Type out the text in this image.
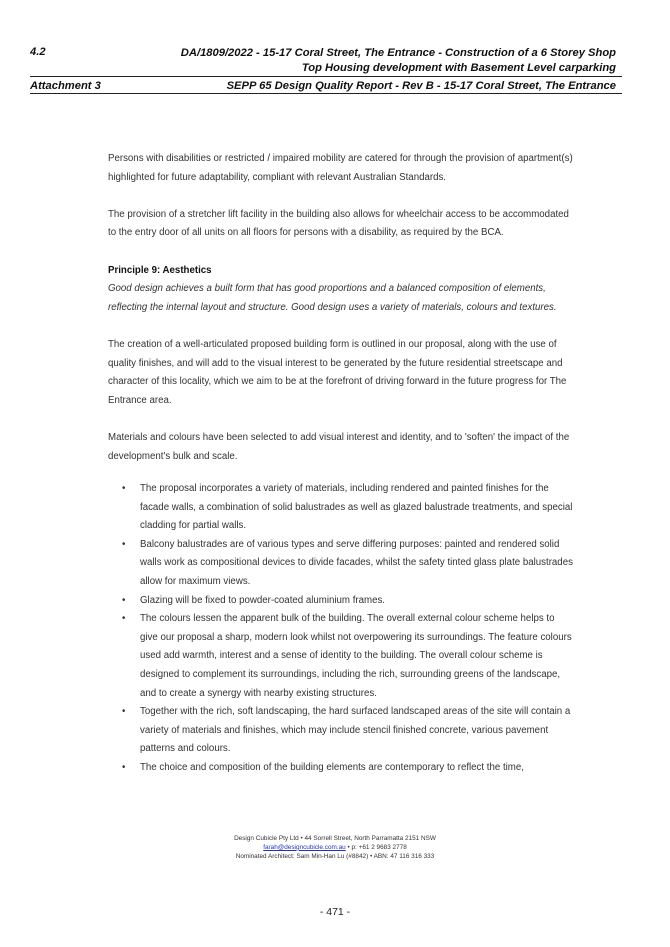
4.2	DA/1809/2022 - 15-17 Coral Street, The Entrance - Construction of a 6 Storey Shop
Top Housing development with Basement Level carparking
Attachment 3	SEPP 65 Design Quality Report - Rev B - 15-17 Coral Street, The Entrance

Persons with disabilities or restricted / impaired mobility are catered for through the provision of apartment(s) highlighted for future adaptability, compliant with relevant Australian Standards.

The provision of a stretcher lift facility in the building also allows for wheelchair access to be accommodated to the entry door of all units on all floors for persons with a disability, as required by the BCA.

Principle 9: Aesthetics

Good design achieves a built form that has good proportions and a balanced composition of elements, reflecting the internal layout and structure. Good design uses a variety of materials, colours and textures.

The creation of a well-articulated proposed building form is outlined in our proposal, along with the use of quality finishes, and will add to the visual interest to be generated by the future residential streetscape and character of this locality, which we aim to be at the forefront of driving forward in the future progress for The Entrance area.

Materials and colours have been selected to add visual interest and identity, and to 'soften' the impact of the development's bulk and scale.

• The proposal incorporates a variety of materials, including rendered and painted finishes for the facade walls, a combination of solid balustrades as well as glazed balustrade treatments, and special cladding for partial walls.
• Balcony balustrades are of various types and serve differing purposes: painted and rendered solid walls work as compositional devices to divide facades, whilst the safety tinted glass plate balustrades allow for maximum views.
• Glazing will be fixed to powder-coated aluminium frames.
• The colours lessen the apparent bulk of the building. The overall external colour scheme helps to give our proposal a sharp, modern look whilst not overpowering its surroundings. The feature colours used add warmth, interest and a sense of identity to the building. The overall colour scheme is designed to complement its surroundings, including the rich, surrounding greens of the landscape, and to create a synergy with nearby existing structures.
• Together with the rich, soft landscaping, the hard surfaced landscaped areas of the site will contain a variety of materials and finishes, which may include stencil finished concrete, various pavement patterns and colours.
• The choice and composition of the building elements are contemporary to reflect the time,
Design Cubicle Pty Ltd • 44 Sorrell Street, North Parramatta 2151 NSW
farah@designcubicle.com.au • p: +61 2 9683 2778
Nominated Architect: Sam Min-Han Lu (#8842) • ABN: 47 116 316 333
- 471 -
